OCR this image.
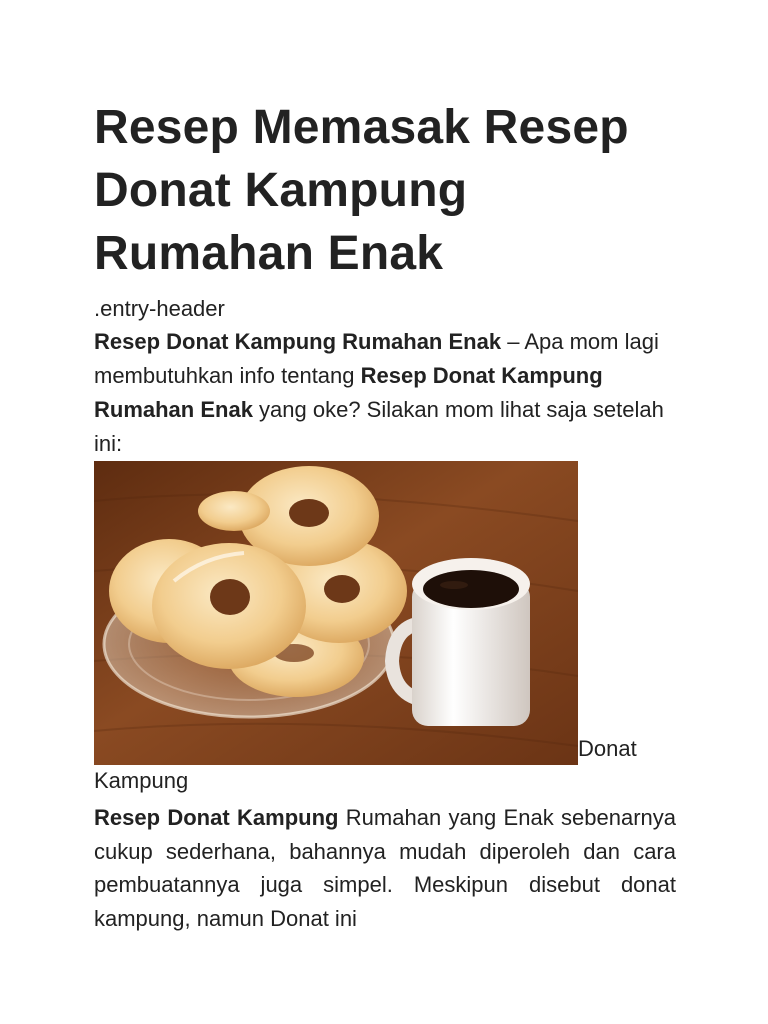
Resep Memasak Resep Donat Kampung Rumahan Enak
.entry-header

Resep Donat Kampung Rumahan Enak – Apa mom lagi membutuhkan info tentang Resep Donat Kampung Rumahan Enak yang oke? Silakan mom lihat saja setelah ini:

Donat Kampung

Resep Donat Kampung Rumahan yang Enak sebenarnya cukup sederhana, bahannya mudah diperoleh dan cara pembuatannya juga simpel. Meskipun disebut donat kampung, namun Donat ini
